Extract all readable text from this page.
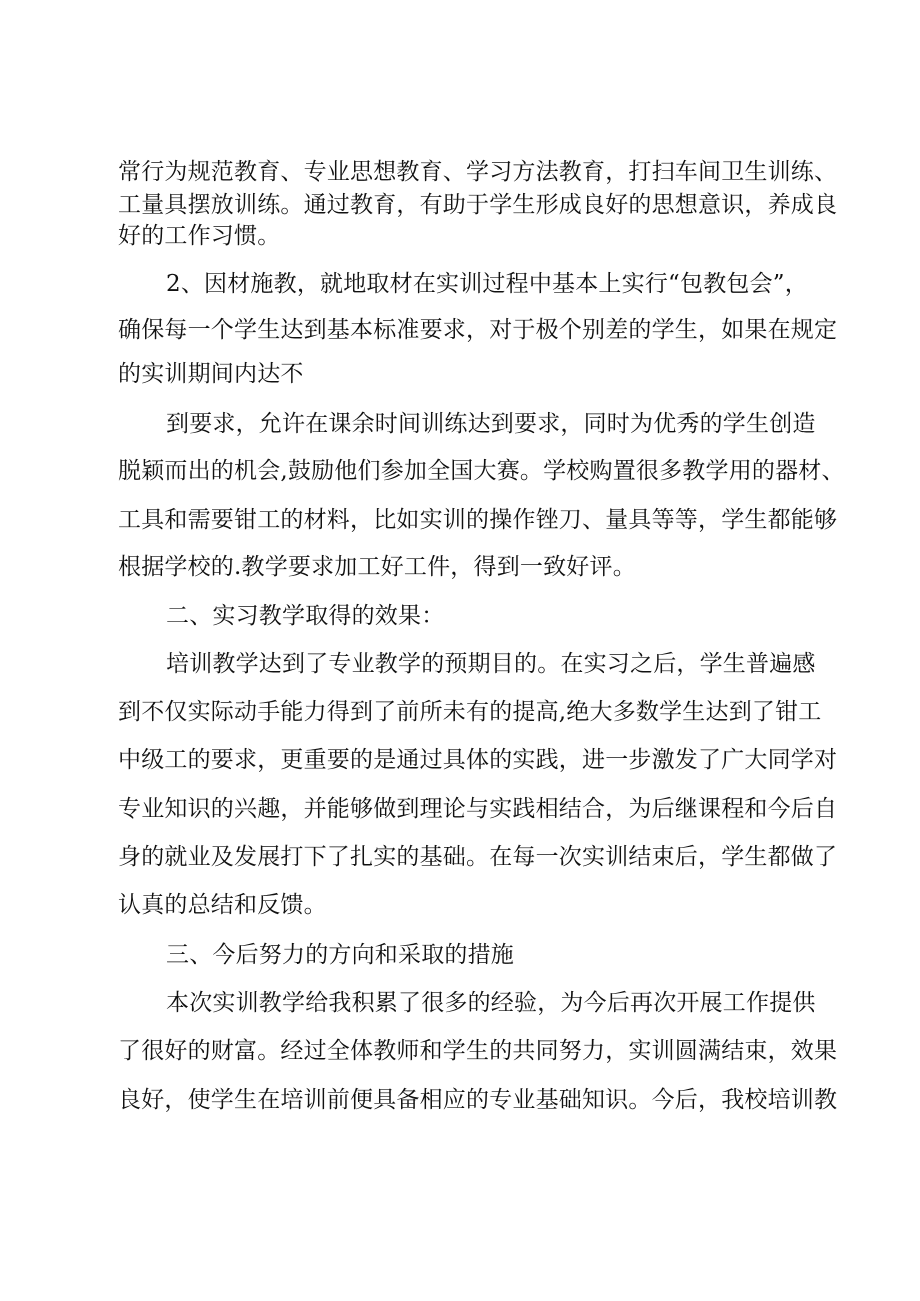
常行为规范教育、专业思想教育、学习方法教育，打扫车间卫生训练、
工量具摆放训练。通过教育，有助于学生形成良好的思想意识，养成良
好的工作习惯。
2、因材施教，就地取材在实训过程中基本上实行“包教包会”，
确保每一个学生达到基本标准要求，对于极个别差的学生，如果在规定
的实训期间内达不
到要求，允许在课余时间训练达到要求，同时为优秀的学生创造
脱颖而出的机会,鼓励他们参加全国大赛。学校购置很多教学用的器材、
工具和需要钳工的材料，比如实训的操作锉刀、量具等等，学生都能够
根据学校的.教学要求加工好工件，得到一致好评。
二、实习教学取得的效果：
培训教学达到了专业教学的预期目的。在实习之后，学生普遍感
到不仅实际动手能力得到了前所未有的提高,绝大多数学生达到了钳工
中级工的要求，更重要的是通过具体的实践，进一步激发了广大同学对
专业知识的兴趣，并能够做到理论与实践相结合，为后继课程和今后自
身的就业及发展打下了扎实的基础。在每一次实训结束后，学生都做了
认真的总结和反馈。
三、今后努力的方向和采取的措施
本次实训教学给我积累了很多的经验，为今后再次开展工作提供
了很好的财富。经过全体教师和学生的共同努力，实训圆满结束，效果
良好，使学生在培训前便具备相应的专业基础知识。今后，我校培训教
